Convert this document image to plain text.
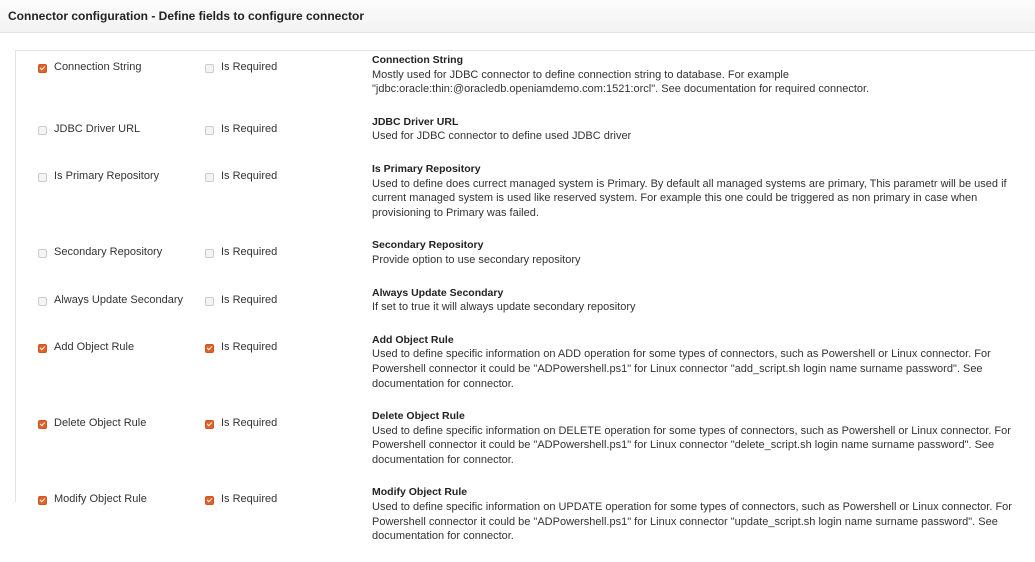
Connector configuration - Define fields to configure connector
Connection String	Is Required
Connection String
Mostly used for JDBC connector to define connection string to database. For example "jdbc:oracle:thin:@oracledb.openiamdemo.com:1521:orcl". See documentation for required connector.
JDBC Driver URL	Is Required
JDBC Driver URL
Used for JDBC connector to define used JDBC driver
Is Primary Repository	Is Required
Is Primary Repository
Used to define does currect managed system is Primary. By default all managed systems are primary, This parametr will be used if current managed system is used like reserved system. For example this one could be triggered as non primary in case when provisioning to Primary was failed.
Secondary Repository	Is Required
Secondary Repository
Provide option to use secondary repository
Always Update Secondary	Is Required
Always Update Secondary
If set to true it will always update secondary repository
Add Object Rule	Is Required
Add Object Rule
Used to define specific information on ADD operation for some types of connectors, such as Powershell or Linux connector. For Powershell connector it could be "ADPowershell.ps1" for Linux connector "add_script.sh login name surname password". See documentation for connector.
Delete Object Rule	Is Required
Delete Object Rule
Used to define specific information on DELETE operation for some types of connectors, such as Powershell or Linux connector. For Powershell connector it could be "ADPowershell.ps1" for Linux connector "delete_script.sh login name surname password". See documentation for connector.
Modify Object Rule	Is Required
Modify Object Rule
Used to define specific information on UPDATE operation for some types of connectors, such as Powershell or Linux connector. For Powershell connector it could be "ADPowershell.ps1" for Linux connector "update_script.sh login name surname password". See documentation for connector.
